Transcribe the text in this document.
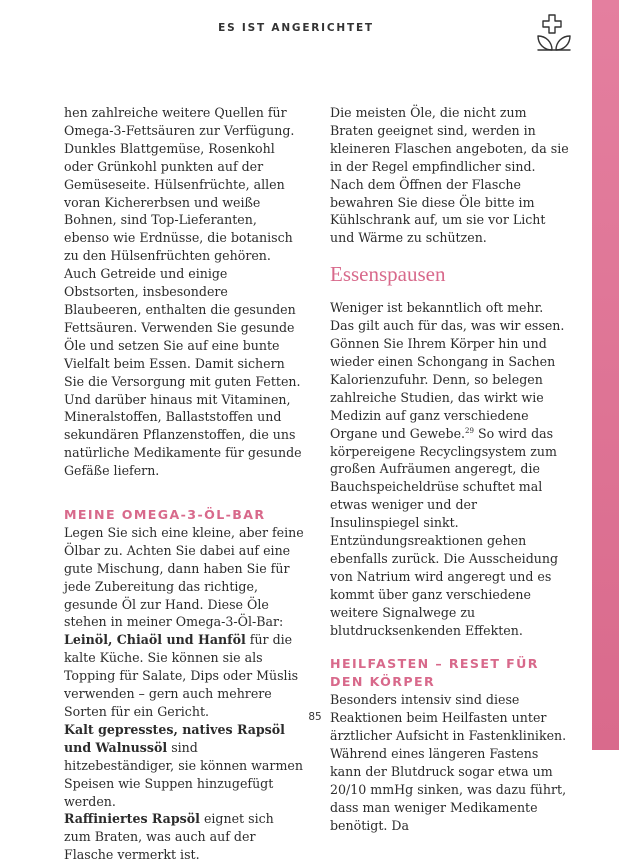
ES IST ANGERICHTET

hen zahlreiche weitere Quellen für Omega-3-Fettsäuren zur Verfügung. Dunkles Blattgemüse, Rosenkohl oder Grünkohl punkten auf der Gemüseseite. Hülsenfrüchte, allen voran Kichererbsen und weiße Bohnen, sind Top-Lieferanten, ebenso wie Erdnüsse, die botanisch zu den Hülsenfrüchten gehören. Auch Getreide und einige Obstsorten, insbesondere Blaubeeren, enthalten die gesunden Fettsäuren. Verwenden Sie gesunde Öle und setzen Sie auf eine bunte Vielfalt beim Essen. Damit sichern Sie die Versorgung mit guten Fetten. Und darüber hinaus mit Vitaminen, Mineralstoffen, Ballaststoffen und sekundären Pflanzenstoffen, die uns natürliche Medikamente für gesunde Gefäße liefern.

MEINE OMEGA-3-ÖL-BAR

Legen Sie sich eine kleine, aber feine Ölbar zu. Achten Sie dabei auf eine gute Mischung, dann haben Sie für jede Zubereitung das richtige, gesunde Öl zur Hand. Diese Öle stehen in meiner Omega-3-Öl-Bar:

Leinöl, Chiaöl und Hanföl für die kalte Küche. Sie können sie als Topping für Salate, Dips oder Müslis verwenden – gern auch mehrere Sorten für ein Gericht.

Kalt gepresstes, natives Rapsöl und Walnussöl sind hitzebeständiger, sie können warmen Speisen wie Suppen hinzugefügt werden.

Raffiniertes Rapsöl eignet sich zum Braten, was auch auf der Flasche vermerkt ist.

Die meisten Öle, die nicht zum Braten geeignet sind, werden in kleineren Flaschen angeboten, da sie in der Regel empfindlicher sind. Nach dem Öffnen der Flasche bewahren Sie diese Öle bitte im Kühlschrank auf, um sie vor Licht und Wärme zu schützen.

Essenspausen

Weniger ist bekanntlich oft mehr. Das gilt auch für das, was wir essen. Gönnen Sie Ihrem Körper hin und wieder einen Schongang in Sachen Kalorienzufuhr. Denn, so belegen zahlreiche Studien, das wirkt wie Medizin auf ganz verschiedene Organe und Gewebe.$^{29}$ So wird das körpereigene Recyclingsystem zum großen Aufräumen angeregt, die Bauchspeicheldrüse schuftet mal etwas weniger und der Insulinspiegel sinkt. Entzündungsreaktionen gehen ebenfalls zurück. Die Ausscheidung von Natrium wird angeregt und es kommt über ganz verschiedene weitere Signalwege zu blutdrucksenkenden Effekten.

HEILFASTEN – RESET FÜR DEN KÖRPER

Besonders intensiv sind diese Reaktionen beim Heilfasten unter ärztlicher Aufsicht in Fastenkliniken. Während eines längeren Fastens kann der Blutdruck sogar etwa um 20/10 mmHg sinken, was dazu führt, dass man weniger Medikamente benötigt. Da

85
